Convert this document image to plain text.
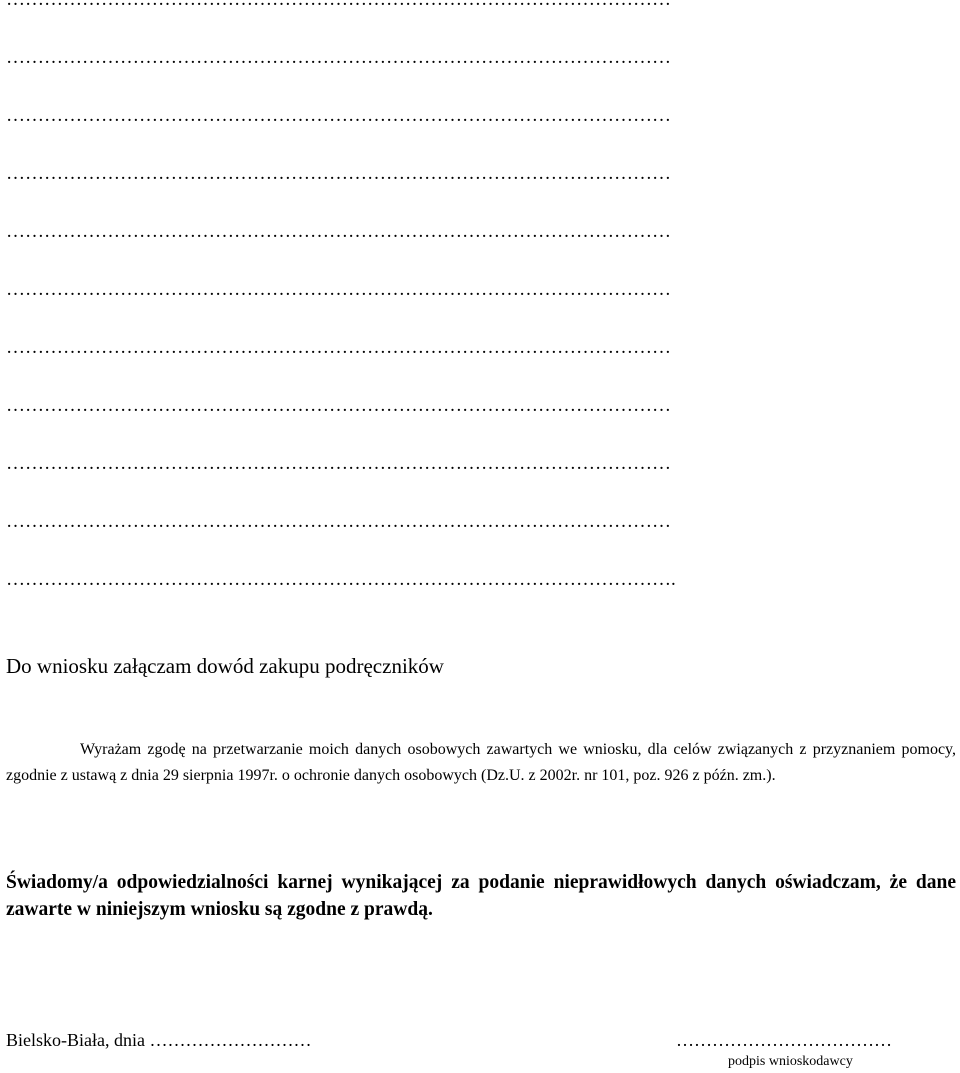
……………………………………………………………………………………………
……………………………………………………………………………………………
……………………………………………………………………………………………
……………………………………………………………………………………………
……………………………………………………………………………………………
……………………………………………………………………………………………
……………………………………………………………………………………………
……………………………………………………………………………………………
……………………………………………………………………………………………
…………………………………………………………………………………………….
Do wniosku załączam dowód zakupu podręczników

Wyrażam zgodę na przetwarzanie moich danych osobowych zawartych we wniosku, dla celów związanych z przyznaniem pomocy, zgodnie z ustawą z dnia 29 sierpnia 1997r. o ochronie danych osobowych (Dz.U. z 2002r. nr 101, poz. 926 z późn. zm.).

Świadomy/a odpowiedzialności karnej wynikającej za podanie nieprawidłowych danych oświadczam, że dane zawarte w niniejszym wniosku są zgodne z prawdą.

Bielsko-Biała, dnia ………………………	………………………………
podpis wnioskodawcy
